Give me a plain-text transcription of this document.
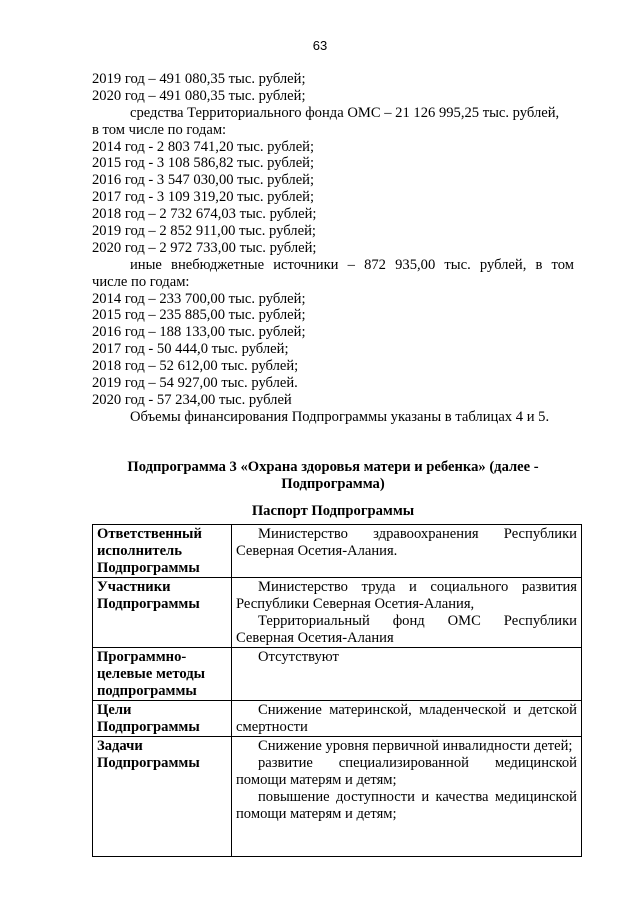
63
2019 год – 491 080,35 тыс. рублей;
2020 год – 491 080,35 тыс. рублей;
средства Территориального фонда ОМС – 21 126 995,25 тыс. рублей,
в том числе по годам:
2014 год - 2 803 741,20 тыс. рублей;
2015 год - 3 108 586,82 тыс. рублей;
2016 год - 3 547 030,00 тыс. рублей;
2017 год - 3 109 319,20 тыс. рублей;
2018 год – 2 732 674,03 тыс. рублей;
2019 год – 2 852 911,00 тыс. рублей;
2020 год – 2 972 733,00 тыс. рублей;
иные внебюджетные источники – 872 935,00 тыс. рублей, в том
числе по годам:
2014 год – 233 700,00 тыс. рублей;
2015 год – 235 885,00 тыс. рублей;
2016 год – 188 133,00 тыс. рублей;
2017 год - 50 444,0 тыс. рублей;
2018 год – 52 612,00 тыс. рублей;
2019 год – 54 927,00 тыс. рублей.
2020 год - 57 234,00 тыс. рублей
Объемы финансирования Подпрограммы указаны в таблицах 4 и 5.
Подпрограмма 3 «Охрана здоровья матери и ребенка» (далее -
Подпрограмма)
Паспорт Подпрограммы
Ответственный исполнитель Подпрограммы	Министерство здравоохранения Республики Северная Осетия-Алания.

Участники Подпрограммы	Министерство труда и социального развития Республики Северная Осетия-Алания,
Территориальный фонд ОМС Республики Северная Осетия-Алания

Программно-целевые методы подпрограммы	Отсутствуют

Цели Подпрограммы	Снижение материнской, младенческой и детской смертности

Задачи Подпрограммы	Снижение уровня первичной инвалидности детей;
развитие специализированной медицинской помощи матерям и детям;
повышение доступности и качества медицинской помощи матерям и детям;
